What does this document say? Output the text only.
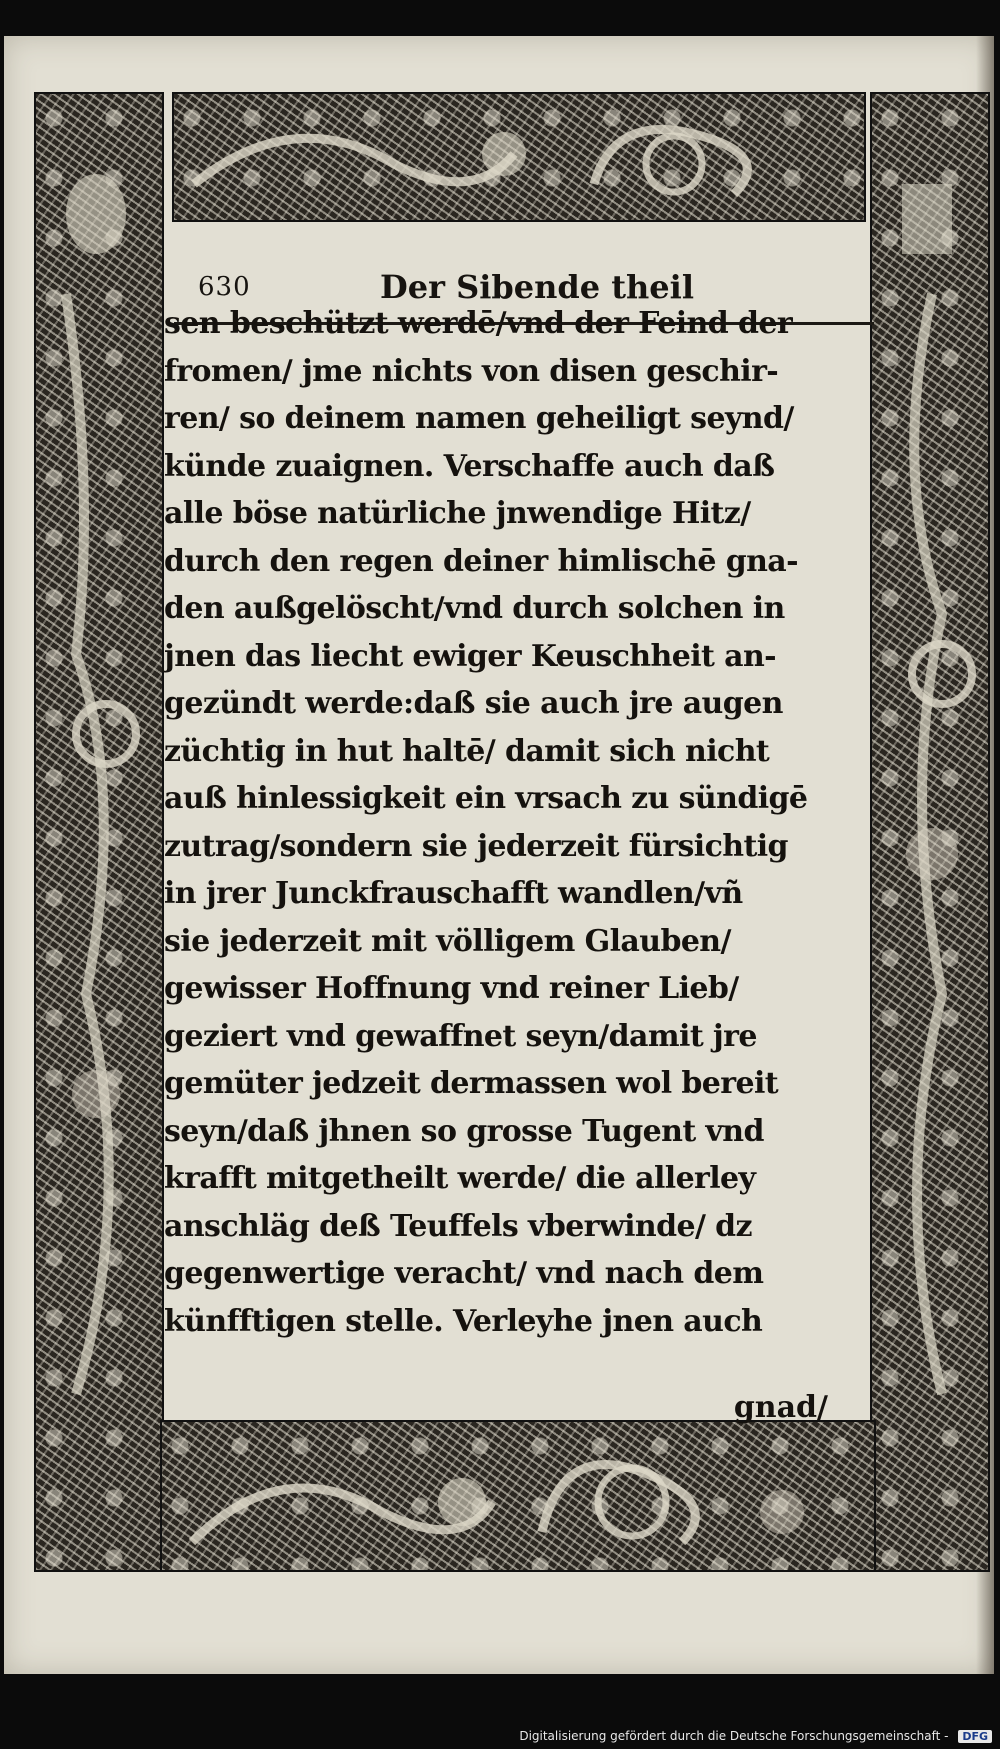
630	Der Sibende theil
sen beschützt werdē/vnd der Feind der
fromen/ jme nichts von disen geschir-
ren/ so deinem namen geheiligt seynd/
künde zuaignen. Verschaffe auch daß
alle böse natürliche jnwendige Hitz/
durch den regen deiner himlischē gna-
den außgelöscht/vnd durch solchen in
jnen das liecht ewiger Keuschheit an-
gezündt werde:daß sie auch jre augen
züchtig in hut haltē/ damit sich nicht
auß hinlessigkeit ein vrsach zu sündigē
zutrag/sondern sie jederzeit fürsichtig
in jrer Junckfrauschafft wandlen/vñ
sie jederzeit mit völligem Glauben/
gewisser Hoffnung vnd reiner Lieb/
geziert vnd gewaffnet seyn/damit jre
gemüter jedzeit dermassen wol bereit
seyn/daß jhnen so grosse Tugent vnd
krafft mitgetheilt werde/ die allerley
anschläg deß Teuffels vberwinde/ dz
gegenwertige veracht/ vnd nach dem
künfftigen stelle. Verleyhe jnen auch
gnad/
Digitalisierung gefördert durch die Deutsche Forschungsgemeinschaft - DFG
